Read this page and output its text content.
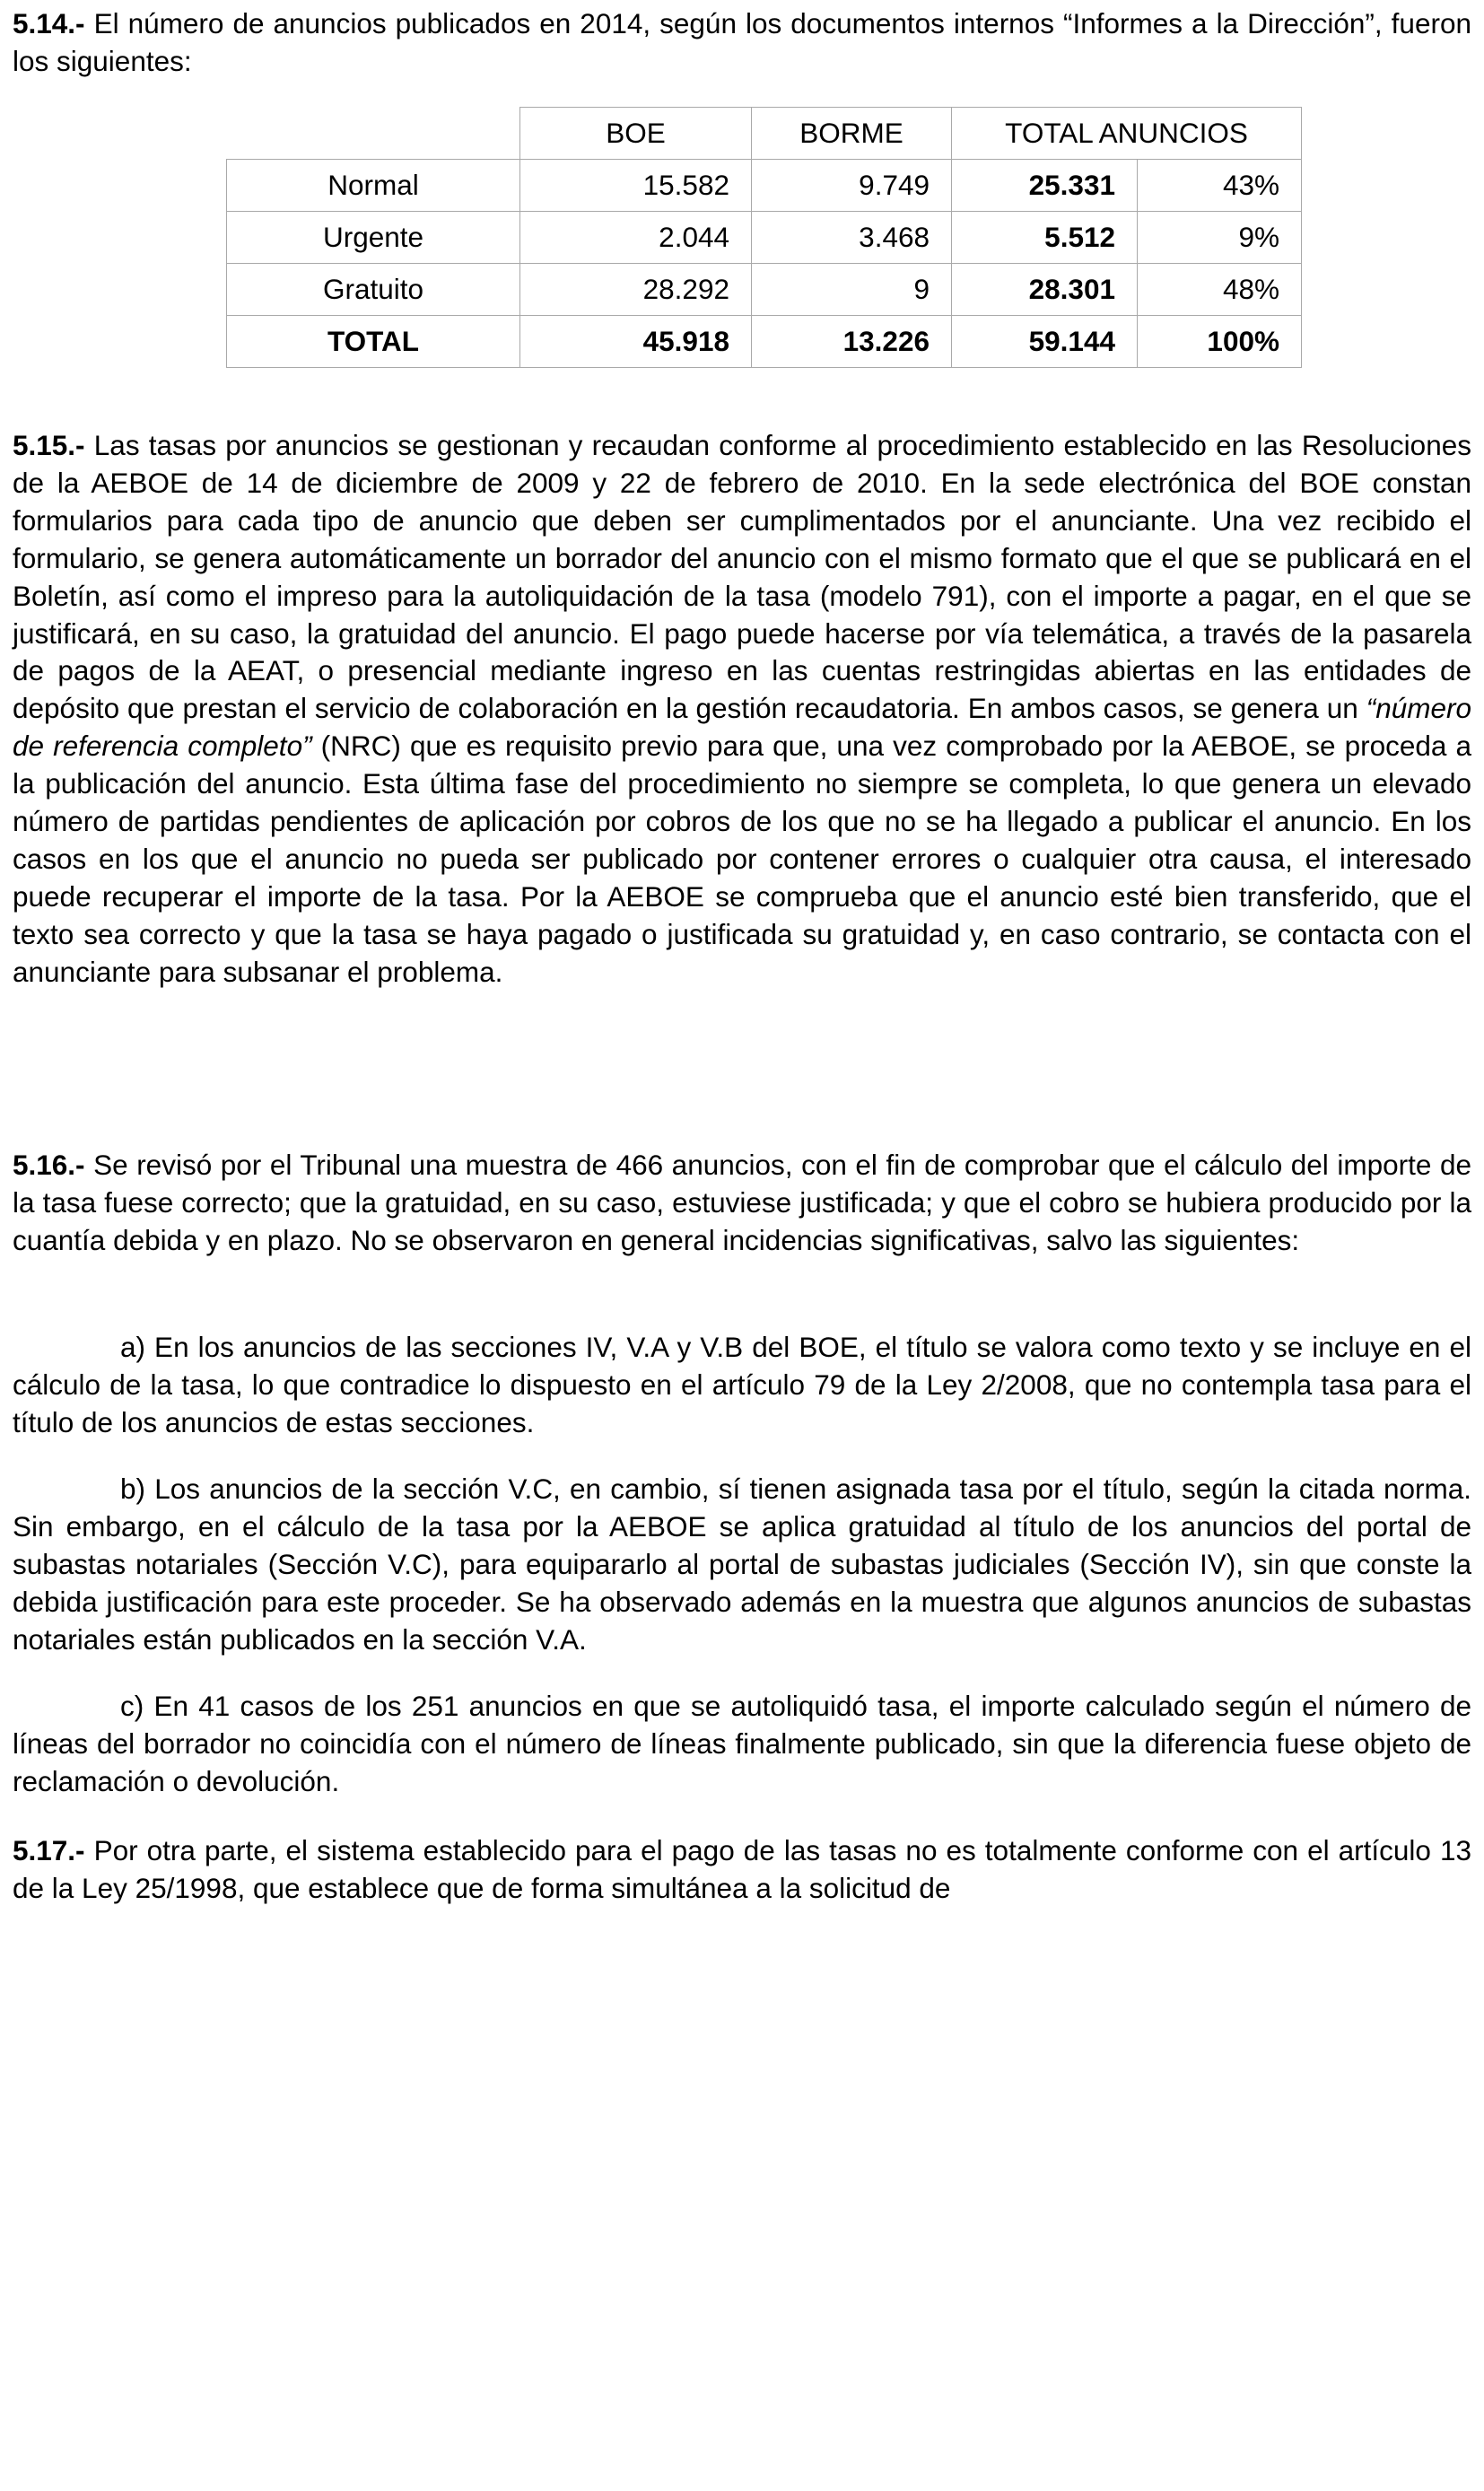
5.14.- El número de anuncios publicados en 2014, según los documentos internos “Informes a la Dirección”, fueron los siguientes:

	BOE	BORME	TOTAL ANUNCIOS	
Normal	15.582	9.749	25.331	43%
Urgente	2.044	3.468	5.512	9%
Gratuito	28.292	9	28.301	48%
TOTAL	45.918	13.226	59.144	100%

5.15.- Las tasas por anuncios se gestionan y recaudan conforme al procedimiento establecido en las Resoluciones de la AEBOE de 14 de diciembre de 2009 y 22 de febrero de 2010. En la sede electrónica del BOE constan formularios para cada tipo de anuncio que deben ser cumplimentados por el anunciante. Una vez recibido el formulario, se genera automáticamente un borrador del anuncio con el mismo formato que el que se publicará en el Boletín, así como el impreso para la autoliquidación de la tasa (modelo 791), con el importe a pagar, en el que se justificará, en su caso, la gratuidad del anuncio. El pago puede hacerse por vía telemática, a través de la pasarela de pagos de la AEAT, o presencial mediante ingreso en las cuentas restringidas abiertas en las entidades de depósito que prestan el servicio de colaboración en la gestión recaudatoria. En ambos casos, se genera un “número de referencia completo” (NRC) que es requisito previo para que, una vez comprobado por la AEBOE, se proceda a la publicación del anuncio. Esta última fase del procedimiento no siempre se completa, lo que genera un elevado número de partidas pendientes de aplicación por cobros de los que no se ha llegado a publicar el anuncio. En los casos en los que el anuncio no pueda ser publicado por contener errores o cualquier otra causa, el interesado puede recuperar el importe de la tasa. Por la AEBOE se comprueba que el anuncio esté bien transferido, que el texto sea correcto y que la tasa se haya pagado o justificada su gratuidad y, en caso contrario, se contacta con el anunciante para subsanar el problema.

5.16.- Se revisó por el Tribunal una muestra de 466 anuncios, con el fin de comprobar que el cálculo del importe de la tasa fuese correcto; que la gratuidad, en su caso, estuviese justificada; y que el cobro se hubiera producido por la cuantía debida y en plazo. No se observaron en general incidencias significativas, salvo las siguientes:

a) En los anuncios de las secciones IV, V.A y V.B del BOE, el título se valora como texto y se incluye en el cálculo de la tasa, lo que contradice lo dispuesto en el artículo 79 de la Ley 2/2008, que no contempla tasa para el título de los anuncios de estas secciones.

b) Los anuncios de la sección V.C, en cambio, sí tienen asignada tasa por el título, según la citada norma. Sin embargo, en el cálculo de la tasa por la AEBOE se aplica gratuidad al título de los anuncios del portal de subastas notariales (Sección V.C), para equipararlo al portal de subastas judiciales (Sección IV), sin que conste la debida justificación para este proceder. Se ha observado además en la muestra que algunos anuncios de subastas notariales están publicados en la sección V.A.

c) En 41 casos de los 251 anuncios en que se autoliquidó tasa, el importe calculado según el número de líneas del borrador no coincidía con el número de líneas finalmente publicado, sin que la diferencia fuese objeto de reclamación o devolución.

5.17.- Por otra parte, el sistema establecido para el pago de las tasas no es totalmente conforme con el artículo 13 de la Ley 25/1998, que establece que de forma simultánea a la solicitud de
